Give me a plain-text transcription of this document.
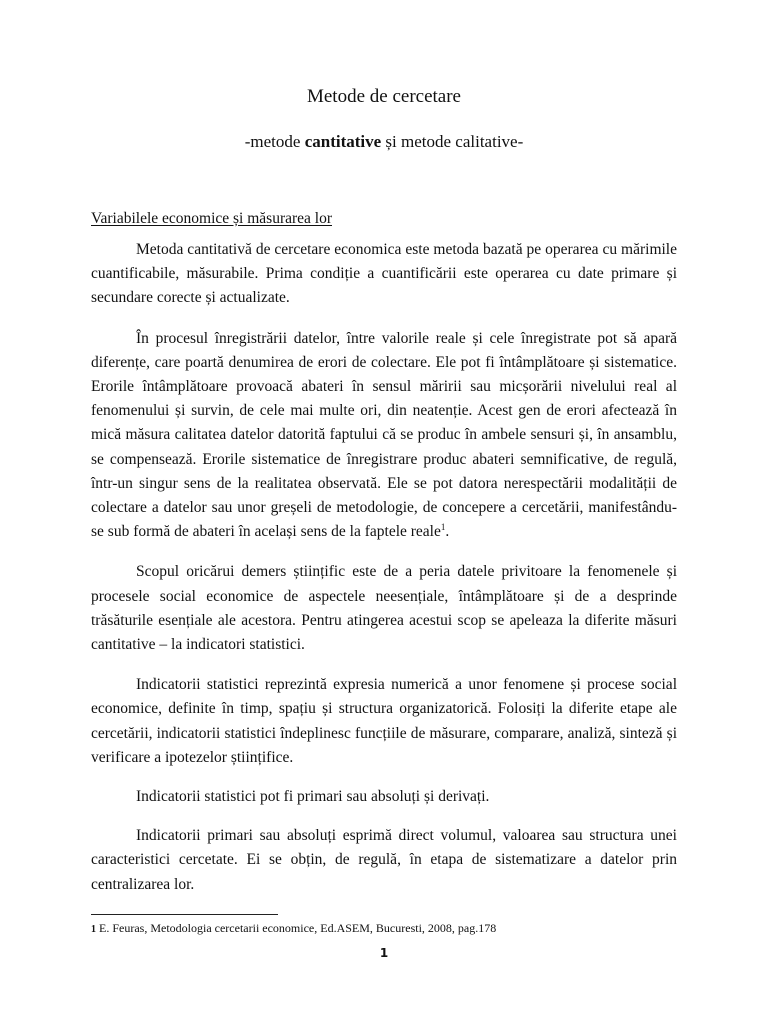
Metode de cercetare
-metode cantitative și metode calitative-
Variabilele economice și măsurarea lor

Metoda cantitativă de cercetare economica este metoda bazată pe operarea cu mărimile cuantificabile, măsurabile. Prima condiție a cuantificării este operarea cu date primare și secundare corecte și actualizate.

În procesul înregistrării datelor, între valorile reale și cele înregistrate pot să apară diferențe, care poartă denumirea de erori de colectare. Ele pot fi întâmplătoare și sistematice. Erorile întâmplătoare provoacă abateri în sensul măririi sau micșorării nivelului real al fenomenului și survin, de cele mai multe ori, din neatenție. Acest gen de erori afectează în mică măsura calitatea datelor datorită faptului că se produc în ambele sensuri și, în ansamblu, se compensează. Erorile sistematice de înregistrare produc abateri semnificative, de regulă, într-un singur sens de la realitatea observată. Ele se pot datora nerespectării modalității de colectare a datelor sau unor greșeli de metodologie, de concepere a cercetării, manifestându-se sub formă de abateri în același sens de la faptele reale$^1$.

Scopul oricărui demers științific este de a peria datele privitoare la fenomenele și procesele social economice de aspectele neesențiale, întâmplătoare și de a desprinde trăsăturile esențiale ale acestora. Pentru atingerea acestui scop se apeleaza la diferite măsuri cantitative – la indicatori statistici.

Indicatorii statistici reprezintă expresia numerică a unor fenomene și procese social economice, definite în timp, spațiu și structura organizatorică. Folosiți la diferite etape ale cercetării, indicatorii statistici îndeplinesc funcțiile de măsurare, comparare, analiză, sinteză și verificare a ipotezelor științifice.

Indicatorii statistici pot fi primari sau absoluți și derivați.

Indicatorii primari sau absoluți esprimă direct volumul, valoarea sau structura unei caracteristici cercetate. Ei se obțin, de regulă, în etapa de sistematizare a datelor prin centralizarea lor.

1 E. Feuras, Metodologia cercetarii economice, Ed.ASEM, Bucuresti, 2008, pag.178
1
